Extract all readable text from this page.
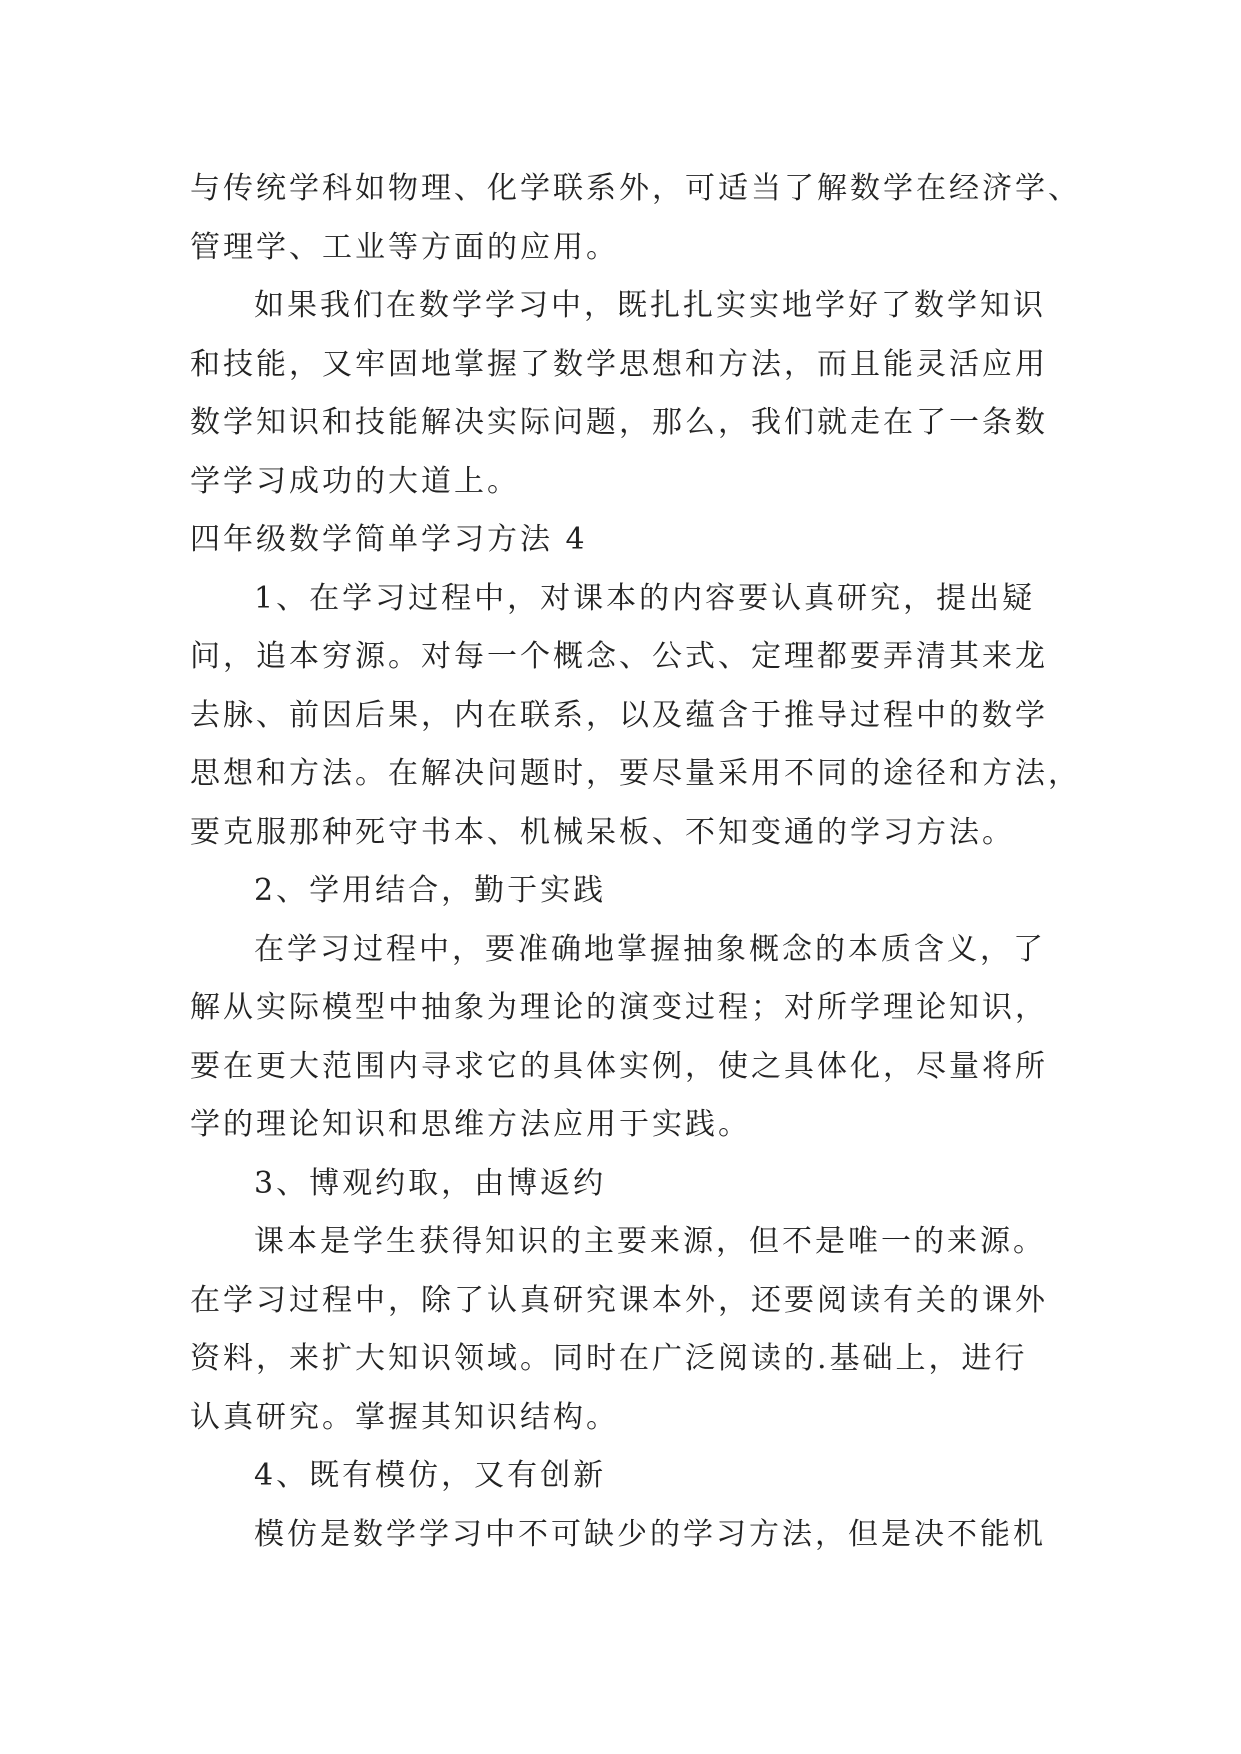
与传统学科如物理、化学联系外，可适当了解数学在经济学、
管理学、工业等方面的应用。
如果我们在数学学习中，既扎扎实实地学好了数学知识
和技能，又牢固地掌握了数学思想和方法，而且能灵活应用
数学知识和技能解决实际问题，那么，我们就走在了一条数
学学习成功的大道上。
四年级数学简单学习方法 4
1、在学习过程中，对课本的内容要认真研究，提出疑
问，追本穷源。对每一个概念、公式、定理都要弄清其来龙
去脉、前因后果，内在联系，以及蕴含于推导过程中的数学
思想和方法。在解决问题时，要尽量采用不同的途径和方法，
要克服那种死守书本、机械呆板、不知变通的学习方法。
2、学用结合，勤于实践
在学习过程中，要准确地掌握抽象概念的本质含义，了
解从实际模型中抽象为理论的演变过程；对所学理论知识，
要在更大范围内寻求它的具体实例，使之具体化，尽量将所
学的理论知识和思维方法应用于实践。
3、博观约取，由博返约
课本是学生获得知识的主要来源，但不是唯一的来源。
在学习过程中，除了认真研究课本外，还要阅读有关的课外
资料，来扩大知识领域。同时在广泛阅读的.基础上，进行
认真研究。掌握其知识结构。
4、既有模仿，又有创新
模仿是数学学习中不可缺少的学习方法，但是决不能机
